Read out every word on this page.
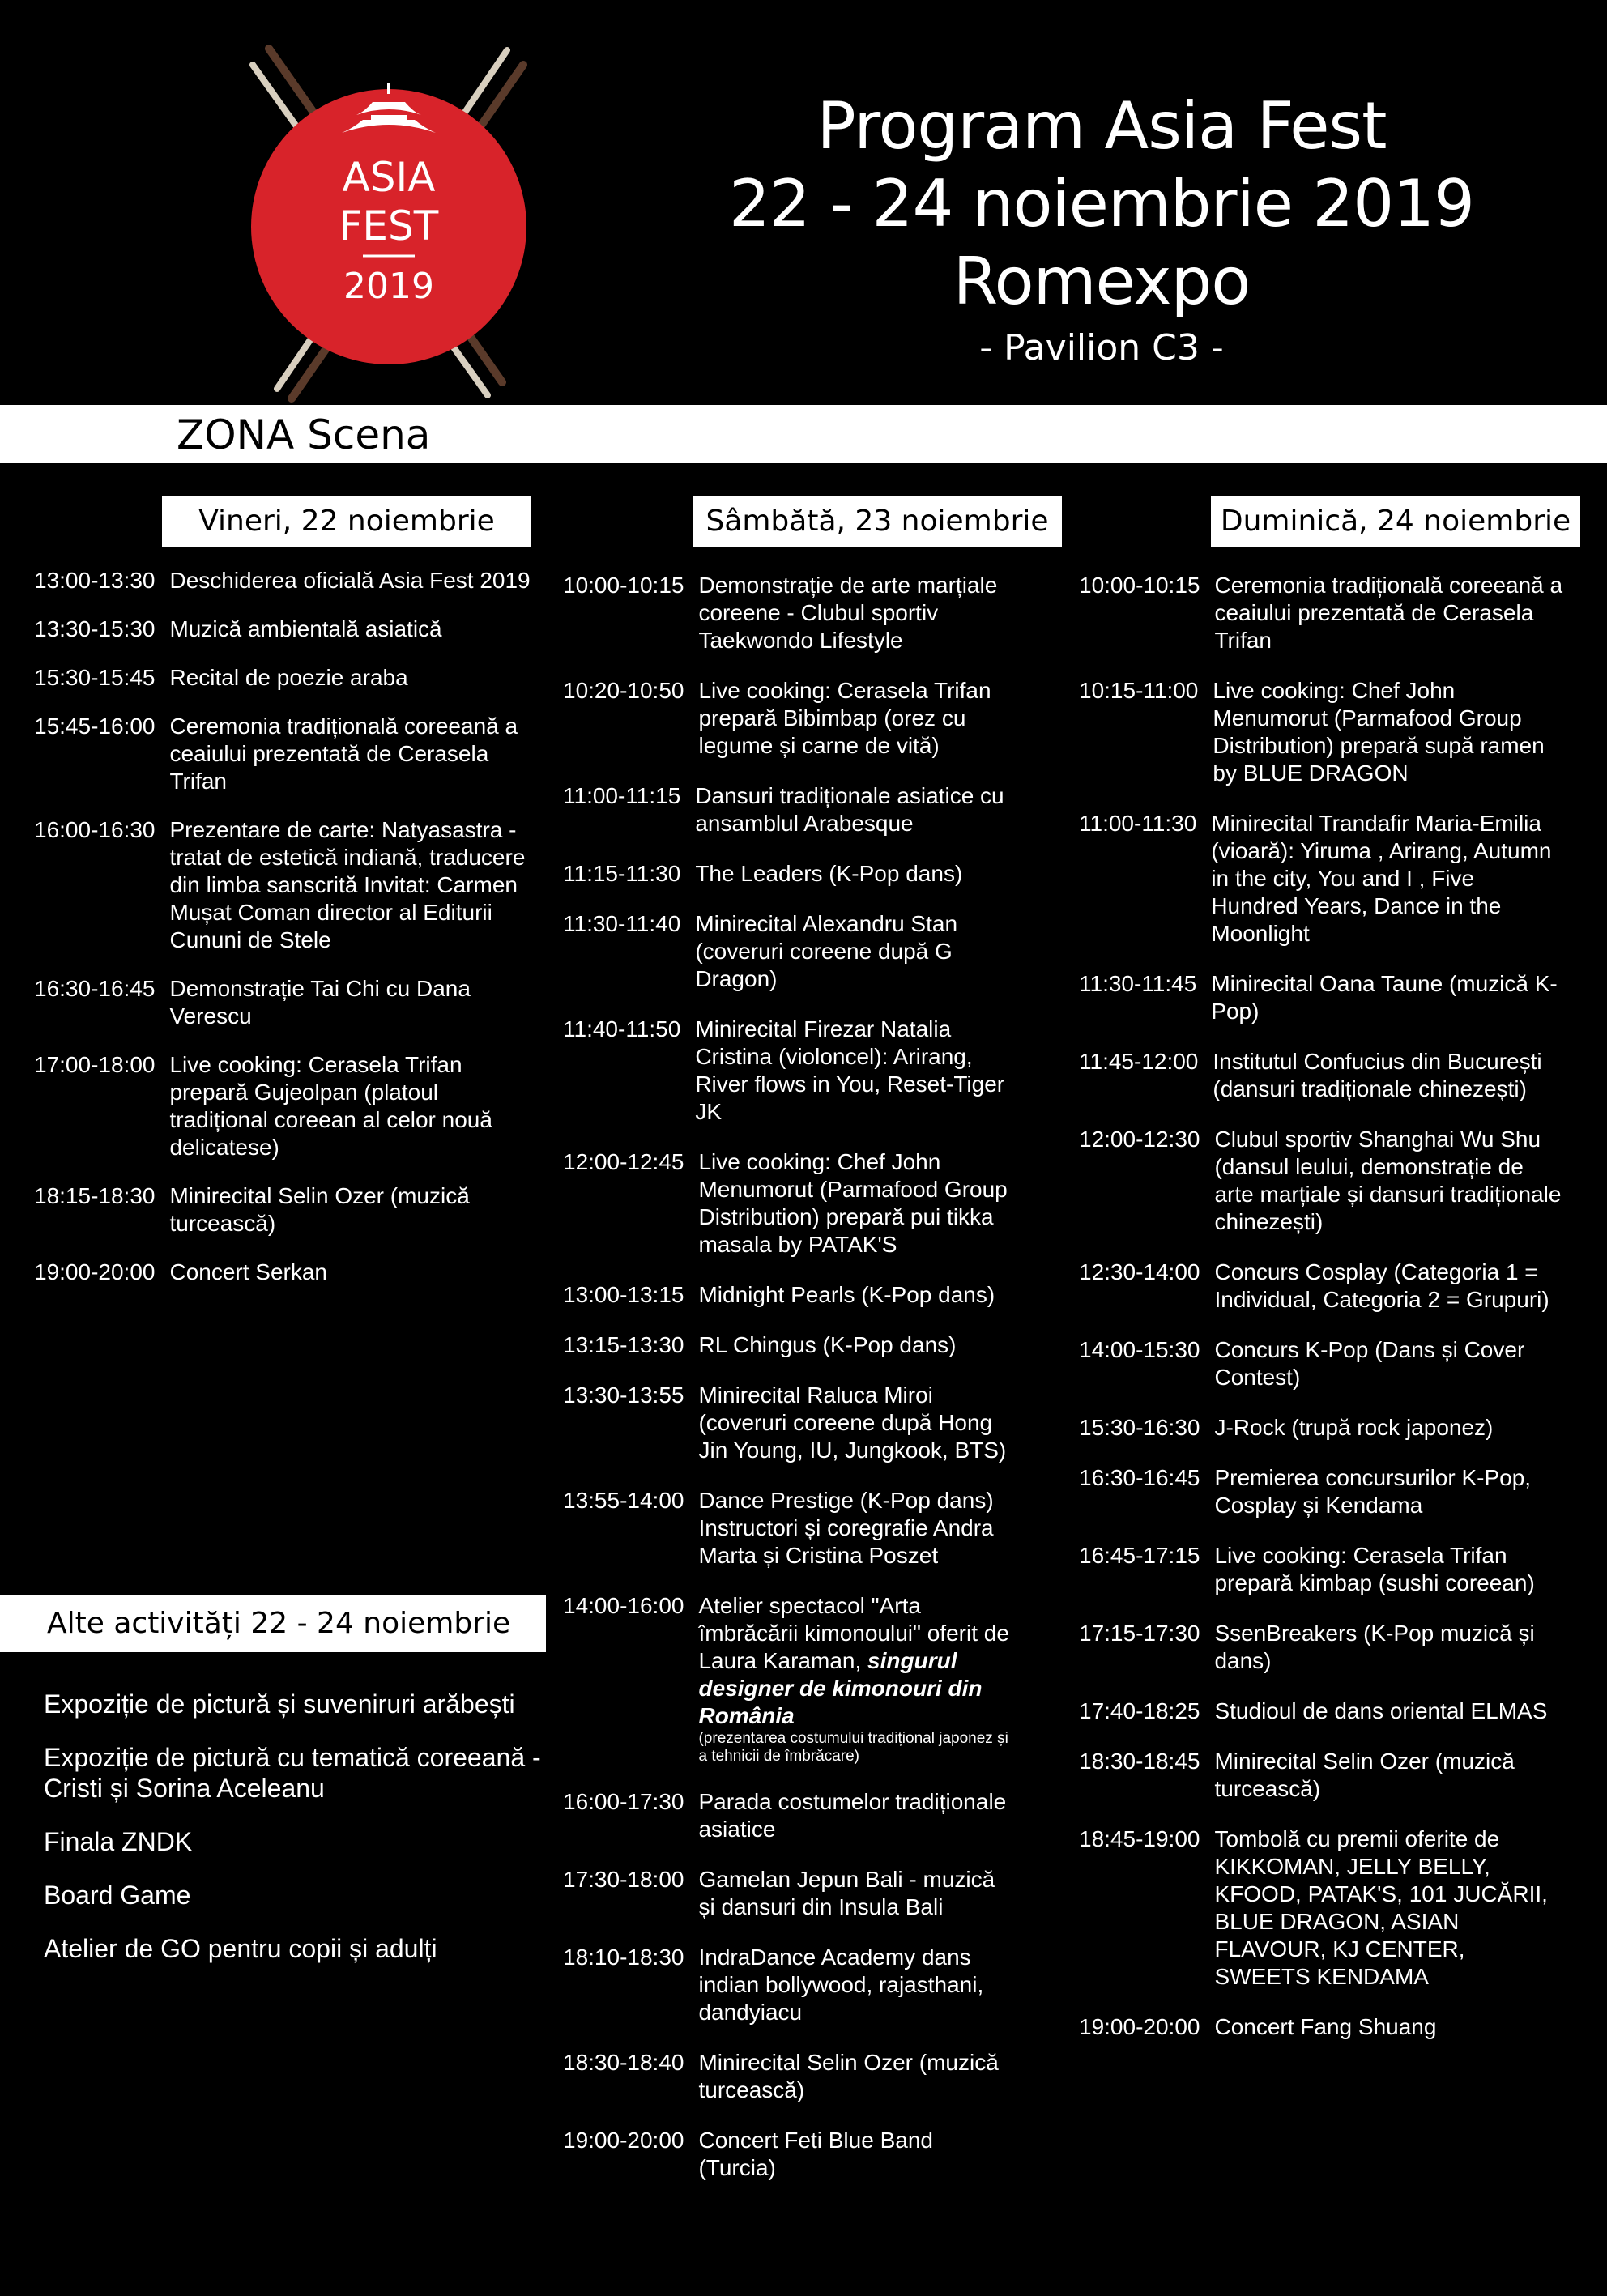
ASIA
FEST
2019
Program Asia Fest
22 - 24 noiembrie 2019
Romexpo
- Pavilion C3 -
ZONA Scena
Vineri, 22 noiembrie	Sâmbătă, 23 noiembrie	Duminică, 24 noiembrie
13:00-13:30 Deschiderea oficială Asia Fest 2019
13:30-15:30 Muzică ambientală asiatică
15:30-15:45 Recital de poezie araba
15:45-16:00 Ceremonia tradițională coreeană a ceaiului prezentată de Cerasela Trifan
16:00-16:30 Prezentare de carte: Natyasastra - tratat de estetică indiană, traducere din limba sanscrită Invitat: Carmen Mușat Coman director al Editurii Cununi de Stele
16:30-16:45 Demonstrație Tai Chi cu Dana Verescu
17:00-18:00 Live cooking: Cerasela Trifan prepară Gujeolpan (platoul tradițional coreean al celor nouă delicatese)
18:15-18:30 Minirecital Selin Ozer (muzică turcească)
19:00-20:00 Concert Serkan
10:00-10:15 Demonstrație de arte marțiale coreene - Clubul sportiv Taekwondo Lifestyle
10:20-10:50 Live cooking: Cerasela Trifan prepară Bibimbap (orez cu legume și carne de vită)
11:00-11:15 Dansuri tradiționale asiatice cu ansamblul Arabesque
11:15-11:30 The Leaders (K-Pop dans)
11:30-11:40 Minirecital Alexandru Stan (coveruri coreene după G Dragon)
11:40-11:50 Minirecital Firezar Natalia Cristina (violoncel): Arirang, River flows in You, Reset-Tiger JK
12:00-12:45 Live cooking: Chef John Menumorut (Parmafood Group Distribution) prepară pui tikka masala by PATAK'S
13:00-13:15 Midnight Pearls (K-Pop dans)
13:15-13:30 RL Chingus (K-Pop dans)
13:30-13:55 Minirecital Raluca Miroi (coveruri coreene după Hong Jin Young, IU, Jungkook, BTS)
13:55-14:00 Dance Prestige (K-Pop dans) Instructori și coregrafie Andra Marta și Cristina Poszet
14:00-16:00 Atelier spectacol "Arta îmbrăcării kimonoului" oferit de Laura Karaman, singurul designer de kimonouri din România
(prezentarea costumului tradițional japonez și a tehnicii de îmbrăcare)
16:00-17:30 Parada costumelor tradiționale asiatice
17:30-18:00 Gamelan Jepun Bali - muzică și dansuri din Insula Bali
18:10-18:30 IndraDance Academy dans indian bollywood, rajasthani, dandyiacu
18:30-18:40 Minirecital Selin Ozer (muzică turcească)
19:00-20:00 Concert Feti Blue Band (Turcia)
10:00-10:15 Ceremonia tradițională coreeană a ceaiului prezentată de Cerasela Trifan
10:15-11:00 Live cooking: Chef John Menumorut (Parmafood Group Distribution) prepară supă ramen by BLUE DRAGON
11:00-11:30 Minirecital Trandafir Maria-Emilia (vioară): Yiruma , Arirang, Autumn in the city, You and I , Five Hundred Years, Dance in the Moonlight
11:30-11:45 Minirecital Oana Taune (muzică K-Pop)
11:45-12:00 Institutul Confucius din București (dansuri tradiționale chinezești)
12:00-12:30 Clubul sportiv Shanghai Wu Shu (dansul leului, demonstrație de arte marțiale și dansuri tradiționale chinezești)
12:30-14:00 Concurs Cosplay (Categoria 1 = Individual, Categoria 2 = Grupuri)
14:00-15:30 Concurs K-Pop (Dans și Cover Contest)
15:30-16:30 J-Rock (trupă rock japonez)
16:30-16:45 Premierea concursurilor K-Pop, Cosplay și Kendama
16:45-17:15 Live cooking: Cerasela Trifan prepară kimbap (sushi coreean)
17:15-17:30 SsenBreakers (K-Pop muzică și dans)
17:40-18:25 Studioul de dans oriental ELMAS
18:30-18:45 Minirecital Selin Ozer (muzică turcească)
18:45-19:00 Tombolă cu premii oferite de KIKKOMAN, JELLY BELLY, KFOOD, PATAK'S, 101 JUCĂRII, BLUE DRAGON, ASIAN FLAVOUR, KJ CENTER, SWEETS KENDAMA
19:00-20:00 Concert Fang Shuang
Alte activități 22 - 24 noiembrie
Expoziție de pictură și suveniruri arăbești
Expoziție de pictură cu tematică coreeană - Cristi și Sorina Aceleanu
Finala ZNDK
Board Game
Atelier de GO pentru copii și adulți
